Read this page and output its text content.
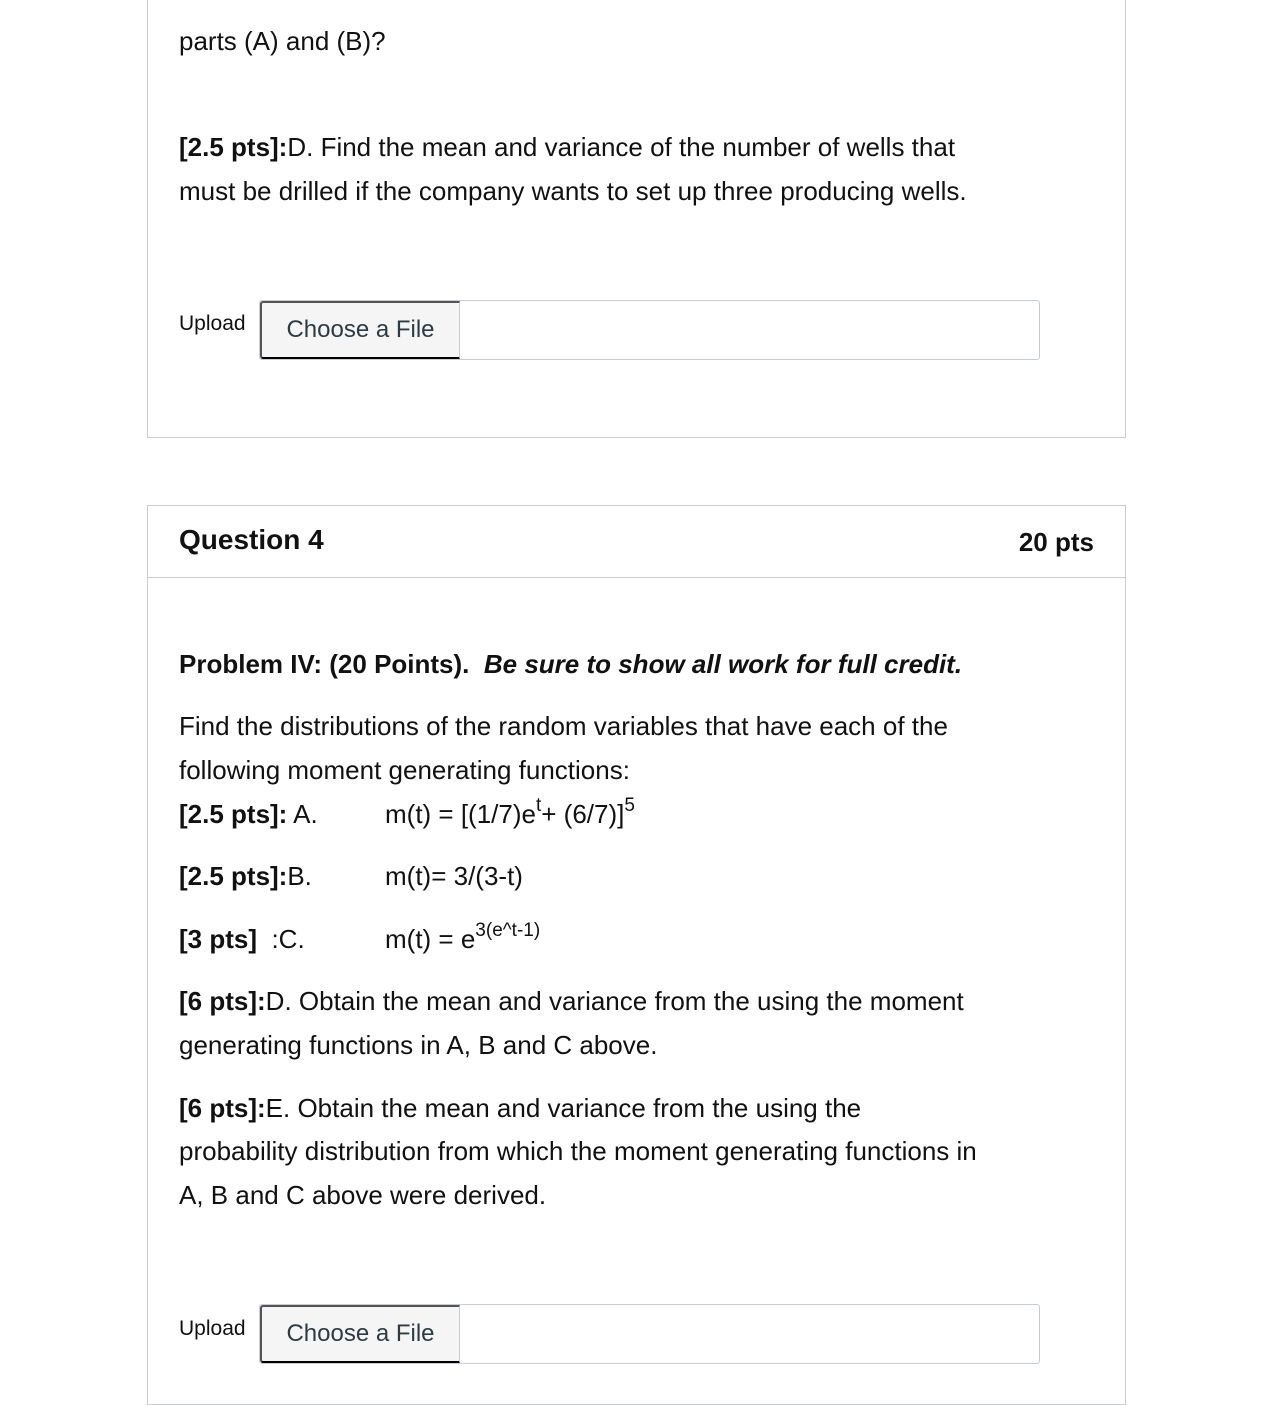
parts (A) and (B)?
[2.5 pts]:D. Find the mean and variance of the number of wells that
must be drilled if the company wants to set up three producing wells.
Upload	Choose a File
Question 4	20 pts
Problem IV: (20 Points). Be sure to show all work for full credit.
Find the distributions of the random variables that have each of the
following moment generating functions:
[2.5 pts]: A.	$m(t) = [(1/7)e^t+ (6/7)]^5$
[2.5 pts]:B.	m(t)= 3/(3-t)
[3 pts]  :C.	$m(t) = e^{3(e\^{}t-1)}$
[6 pts]:D. Obtain the mean and variance from the using the moment
generating functions in A, B and C above.
[6 pts]:E. Obtain the mean and variance from the using the
probability distribution from which the moment generating functions in
A, B and C above were derived.
Upload	Choose a File
